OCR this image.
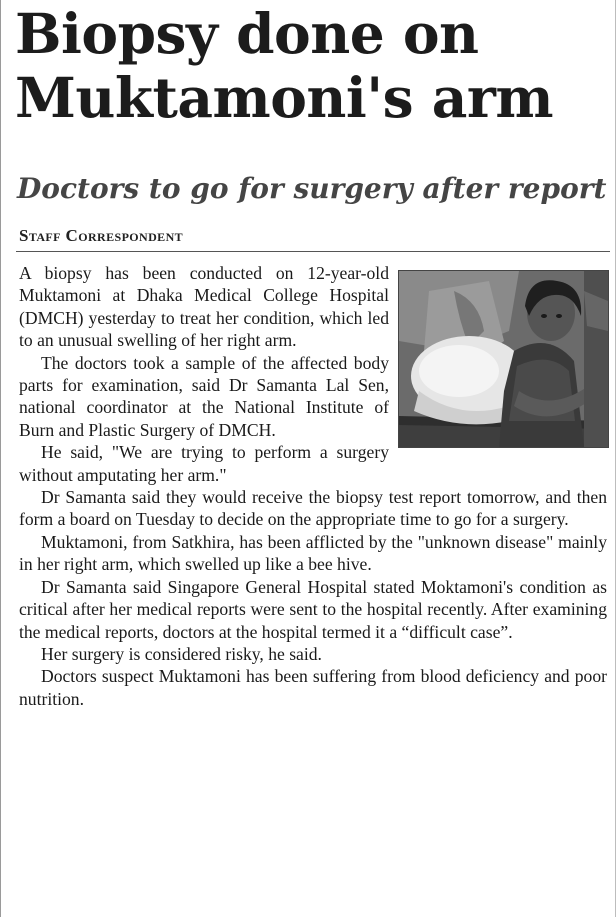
Biopsy done on Muktamoni's arm
Doctors to go for surgery after report
Staff Correspondent

A biopsy has been conducted on 12-year-old Muktamoni at Dhaka Medical College Hospital (DMCH) yesterday to treat her condition, which led to an unusual swelling of her right arm.

The doctors took a sample of the affected body parts for examination, said Dr Samanta Lal Sen, national coordinator at the National Institute of Burn and Plastic Surgery of DMCH.

He said, "We are trying to perform a surgery without amputating her arm."

Dr Samanta said they would receive the biopsy test report tomorrow, and then form a board on Tuesday to decide on the appropriate time to go for a surgery.

Muktamoni, from Satkhira, has been afflicted by the "unknown disease" mainly in her right arm, which swelled up like a bee hive.

Dr Samanta said Singapore General Hospital stated Moktamoni's condition as critical after her medical reports were sent to the hospital recently. After examining the medical reports, doctors at the hospital termed it a “difficult case”.

Her surgery is considered risky, he said.

Doctors suspect Muktamoni has been suffering from blood deficiency and poor nutrition.
